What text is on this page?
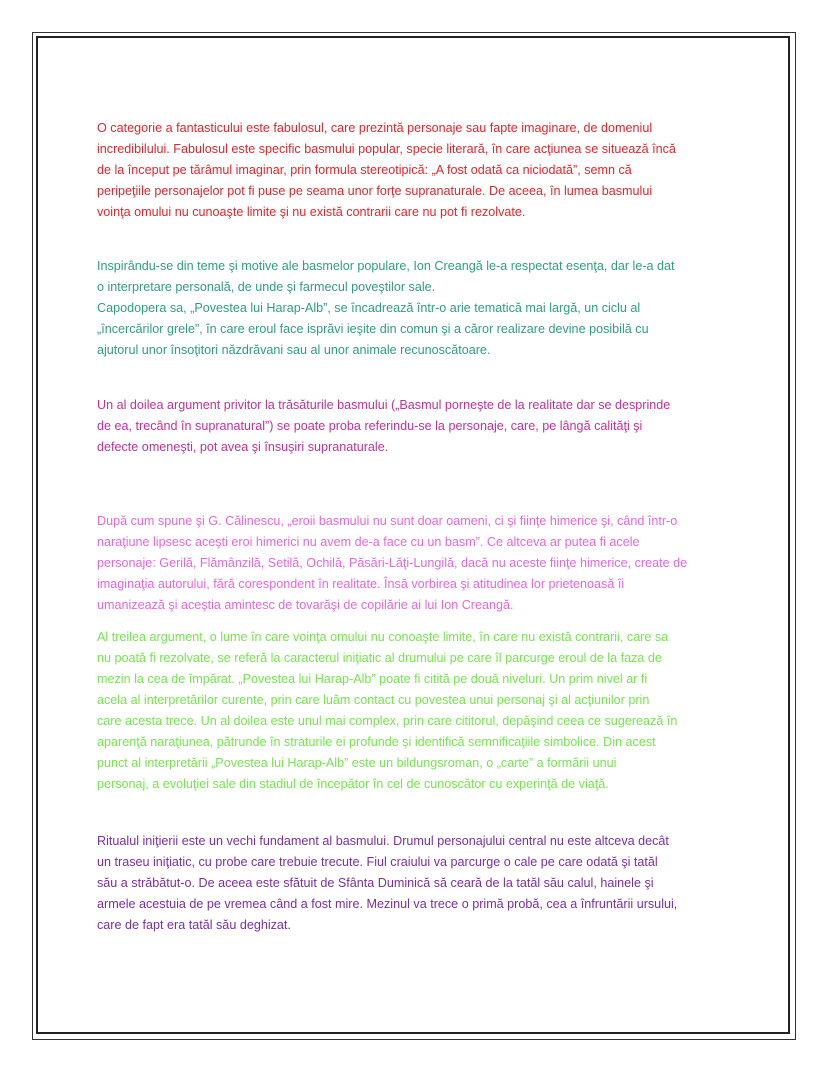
O categorie a fantasticului este fabulosul, care prezintă personaje sau fapte imaginare, de domeniul
incredibilului. Fabulosul este specific basmului popular, specie literară, în care acţiunea se situează încă
de la început pe tărâmul imaginar, prin formula stereotipică: „A fost odată ca niciodată”, semn că
peripeţiile personajelor pot fi puse pe seama unor forţe supranaturale. De aceea, în lumea basmului
voinţa omului nu cunoaşte limite şi nu există contrarii care nu pot fi rezolvate.
Inspirându-se din teme şi motive ale basmelor populare, Ion Creangă le-a respectat esenţa, dar le-a dat
o interpretare personală, de unde şi farmecul poveştilor sale.
Capodopera sa, „Povestea lui Harap-Alb”, se încadrează într-o arie tematică mai largă, un ciclu al
„încercărilor grele”, în care eroul face isprăvi ieşite din comun şi a căror realizare devine posibilă cu
ajutorul unor însoţitori năzdrăvani sau al unor animale recunoscătoare.
Un al doilea argument privitor la trăsăturile basmului („Basmul porneşte de la realitate dar se desprinde
de ea, trecând în supranatural”) se poate proba referindu-se la personaje, care, pe lângă calităţi şi
defecte omeneşti, pot avea şi însuşiri supranaturale.
După cum spune şi G. Călinescu, „eroii basmului nu sunt doar oameni, ci şi fiinţe himerice şi, când într-o
naraţiune lipsesc aceşti eroi himerici nu avem de-a face cu un basm”. Ce altceva ar putea fi acele
personaje: Gerilă, Flămânzilă, Setilă, Ochilă, Păsări-Lăţi-Lungilă, dacă nu aceste fiinţe himerice, create de
imaginaţia autorului, fără corespondent în realitate. Însă vorbirea şi atitudinea lor prietenoasă îi
umanizează şi aceştia amintesc de tovarăşi de copilărie ai lui Ion Creangă.
Al treilea argument, o lume în care voinţa omului nu conoaşte limite, în care nu există contrarii, care sa
nu poată fi rezolvate, se referă la caracterul iniţiatic al drumului pe care îl parcurge eroul de la faza de
mezin la cea de împărat. „Povestea lui Harap-Alb” poate fi citită pe două niveluri. Un prim nivel ar fi
acela al interpretărilor curente, prin care luăm contact cu povestea unui personaj şi al acţiunilor prin
care acesta trece. Un al doilea este unul mai complex, prin care cititorul, depăşind ceea ce sugerează în
aparenţă naraţiunea, pătrunde în straturile ei profunde şi identifică semnificaţiile simbolice. Din acest
punct al interpretării „Povestea lui Harap-Alb” este un bildungsroman, o „carte” a formării unui
personaj, a evoluţiei sale din stadiul de începător în cel de cunoscător cu experinţă de viaţă.
Ritualul iniţierii este un vechi fundament al basmului. Drumul personajului central nu este altceva decât
un traseu iniţiatic, cu probe care trebuie trecute. Fiul craiului va parcurge o cale pe care odată şi tatăl
său a străbătut-o. De aceea este sfătuit de Sfânta Duminică să ceară de la tatăl său calul, hainele şi
armele acestuia de pe vremea când a fost mire. Mezinul va trece o primă probă, cea a înfruntării ursului,
care de fapt era tatăl său deghizat.
